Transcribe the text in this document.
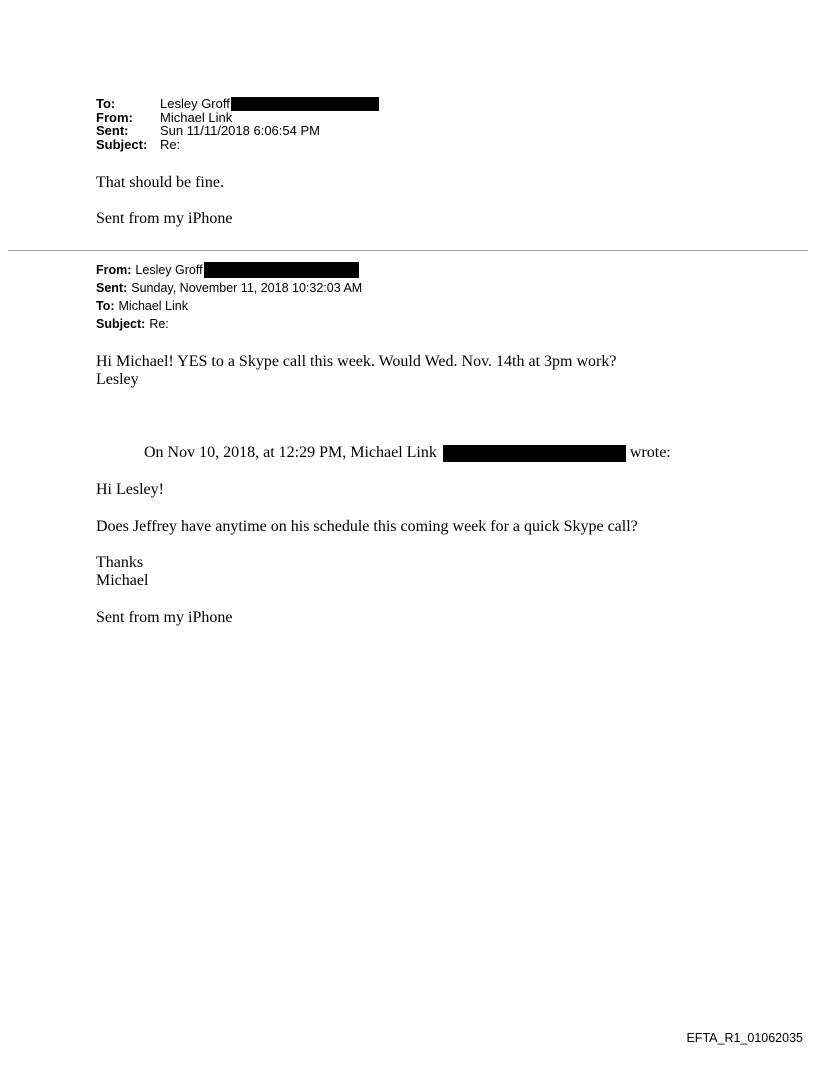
To:	Lesley Groff
From:	Michael Link
Sent:	Sun 11/11/2018 6:06:54 PM
Subject: Re:
That should be fine.
Sent from my iPhone
From: Lesley Groff
Sent: Sunday, November 11, 2018 10:32:03 AM
To: Michael Link
Subject: Re:
Hi Michael! YES to a Skype call this week. Would Wed. Nov. 14th at 3pm work?
Lesley
On Nov 10, 2018, at 12:29 PM, Michael Link	wrote:
Hi Lesley!
Does Jeffrey have anytime on his schedule this coming week for a quick Skype call?
Thanks
Michael
Sent from my iPhone
EFTA_R1_01062035
